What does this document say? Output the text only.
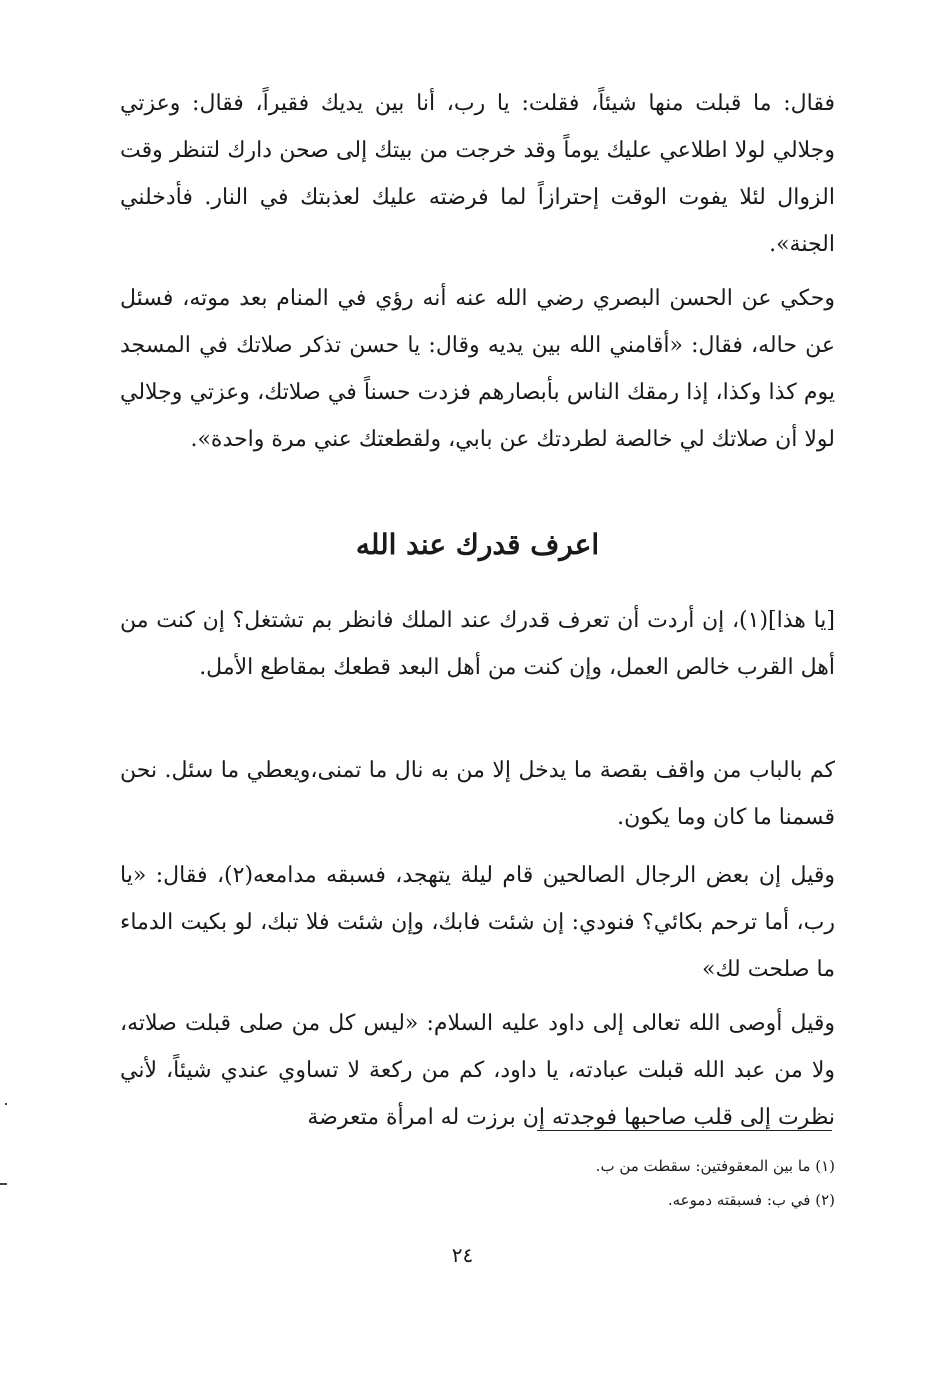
فقال: ما قبلت منها شيئاً، فقلت: يا رب، أنا بين يديك فقيراً، فقال: وعزتي وجلالي لولا اطلاعي عليك يوماً وقد خرجت من بيتك إلى صحن دارك لتنظر وقت الزوال لئلا يفوت الوقت إحترازاً لما فرضته عليك لعذبتك في النار. فأدخلني الجنة».
وحكي عن الحسن البصري رضي الله عنه أنه رؤي في المنام بعد موته، فسئل عن حاله، فقال: «أقامني الله بين يديه وقال: يا حسن تذكر صلاتك في المسجد يوم كذا وكذا، إذا رمقك الناس بأبصارهم فزدت حسناً في صلاتك، وعزتي وجلالي لولا أن صلاتك لي خالصة لطردتك عن بابي، ولقطعتك عني مرة واحدة».
اعرف قدرك عند الله
[يا هذا](١)، إن أردت أن تعرف قدرك عند الملك فانظر بم تشتغل؟ إن كنت من أهل القرب خالص العمل، وإن كنت من أهل البعد قطعك بمقاطع الأمل.
كم بالباب من واقف بقصة ما يدخل إلا من به نال ما تمنى،ويعطي ما سئل. نحن قسمنا ما كان وما يكون.
وقيل إن بعض الرجال الصالحين قام ليلة يتهجد، فسبقه مدامعه(٢)، فقال: «يا رب، أما ترحم بكائي؟ فنودي: إن شئت فابك، وإن شئت فلا تبك، لو بكيت الدماء ما صلحت لك»
وقيل أوصى الله تعالى إلى داود عليه السلام: «ليس كل من صلى قبلت صلاته، ولا من عبد الله قبلت عبادته، يا داود، كم من ركعة لا تساوي عندي شيئاً، لأني نظرت إلى قلب صاحبها فوجدته إن برزت له امرأة متعرضة
(١) ما بين المعقوفتين: سقطت من ب.
(٢) في ب: فسبقته دموعه.
٢٤
